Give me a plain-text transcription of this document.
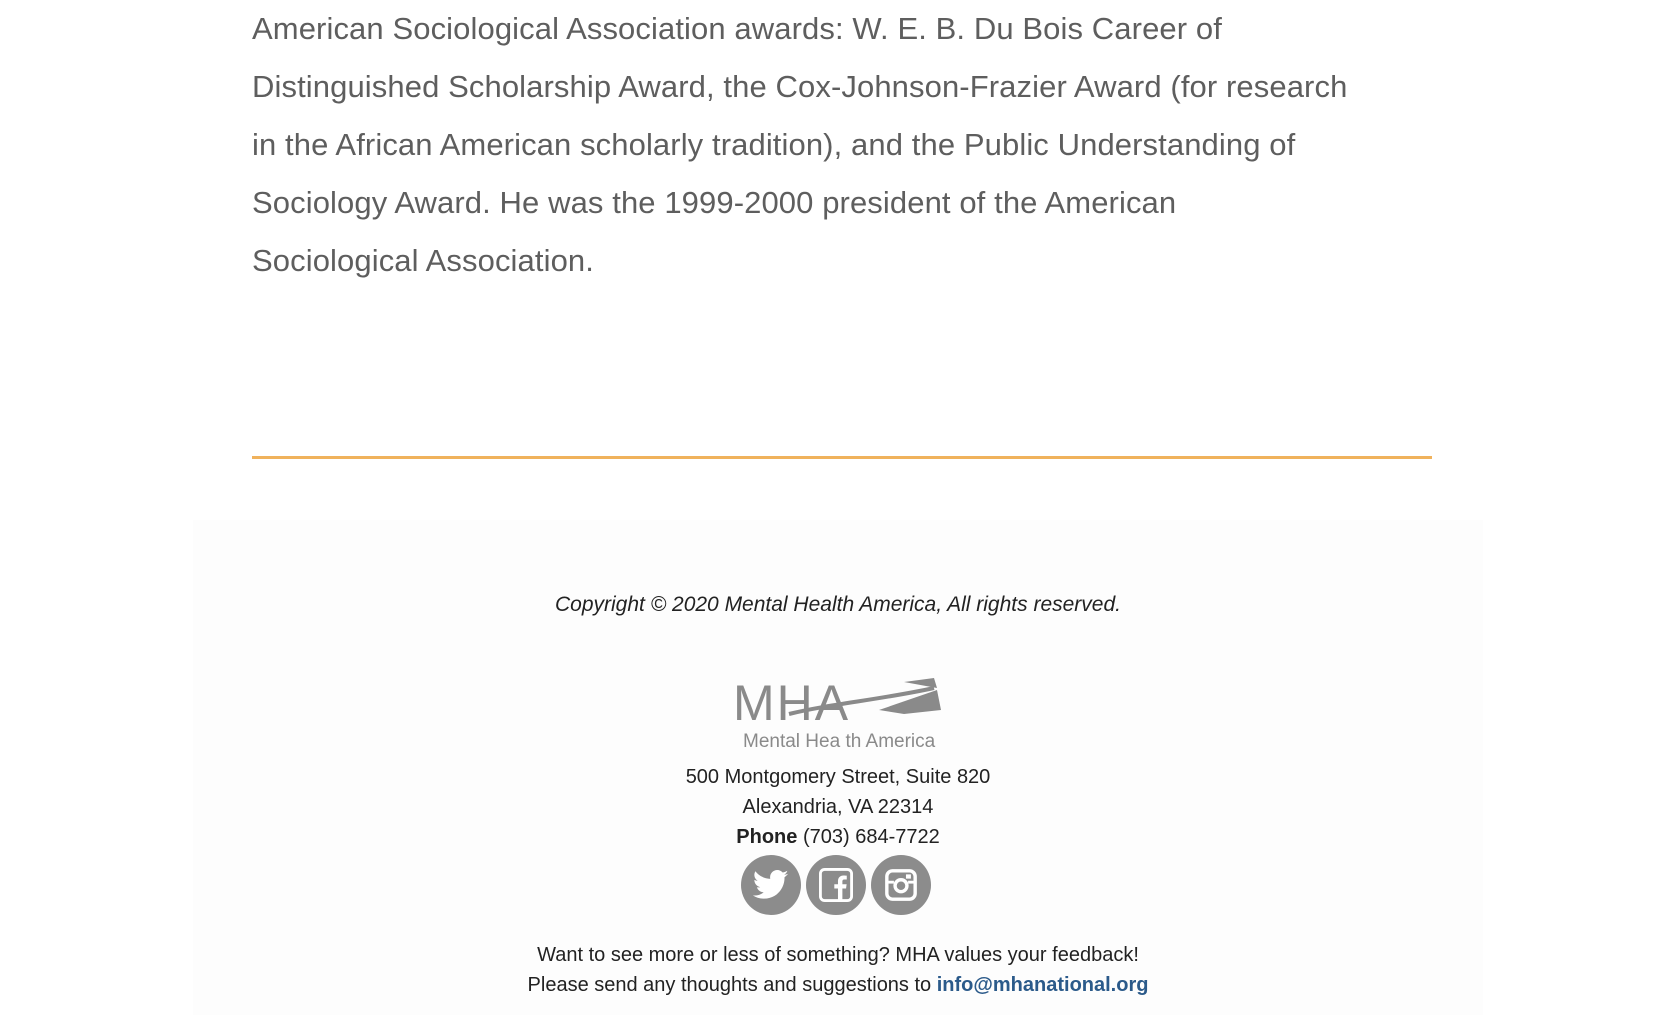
American Sociological Association awards: W. E. B. Du Bois Career of
Distinguished Scholarship Award, the Cox-Johnson-Frazier Award (for research
in the African American scholarly tradition), and the Public Understanding of
Sociology Award. He was the 1999-2000 president of the American
Sociological Association.

Copyright © 2020 Mental Health America, All rights reserved.
MHA
Mental Hea th America
500 Montgomery Street, Suite 820
Alexandria, VA 22314
Phone (703) 684-7722
Want to see more or less of something? MHA values your feedback!
Please send any thoughts and suggestions to info@mhanational.org
